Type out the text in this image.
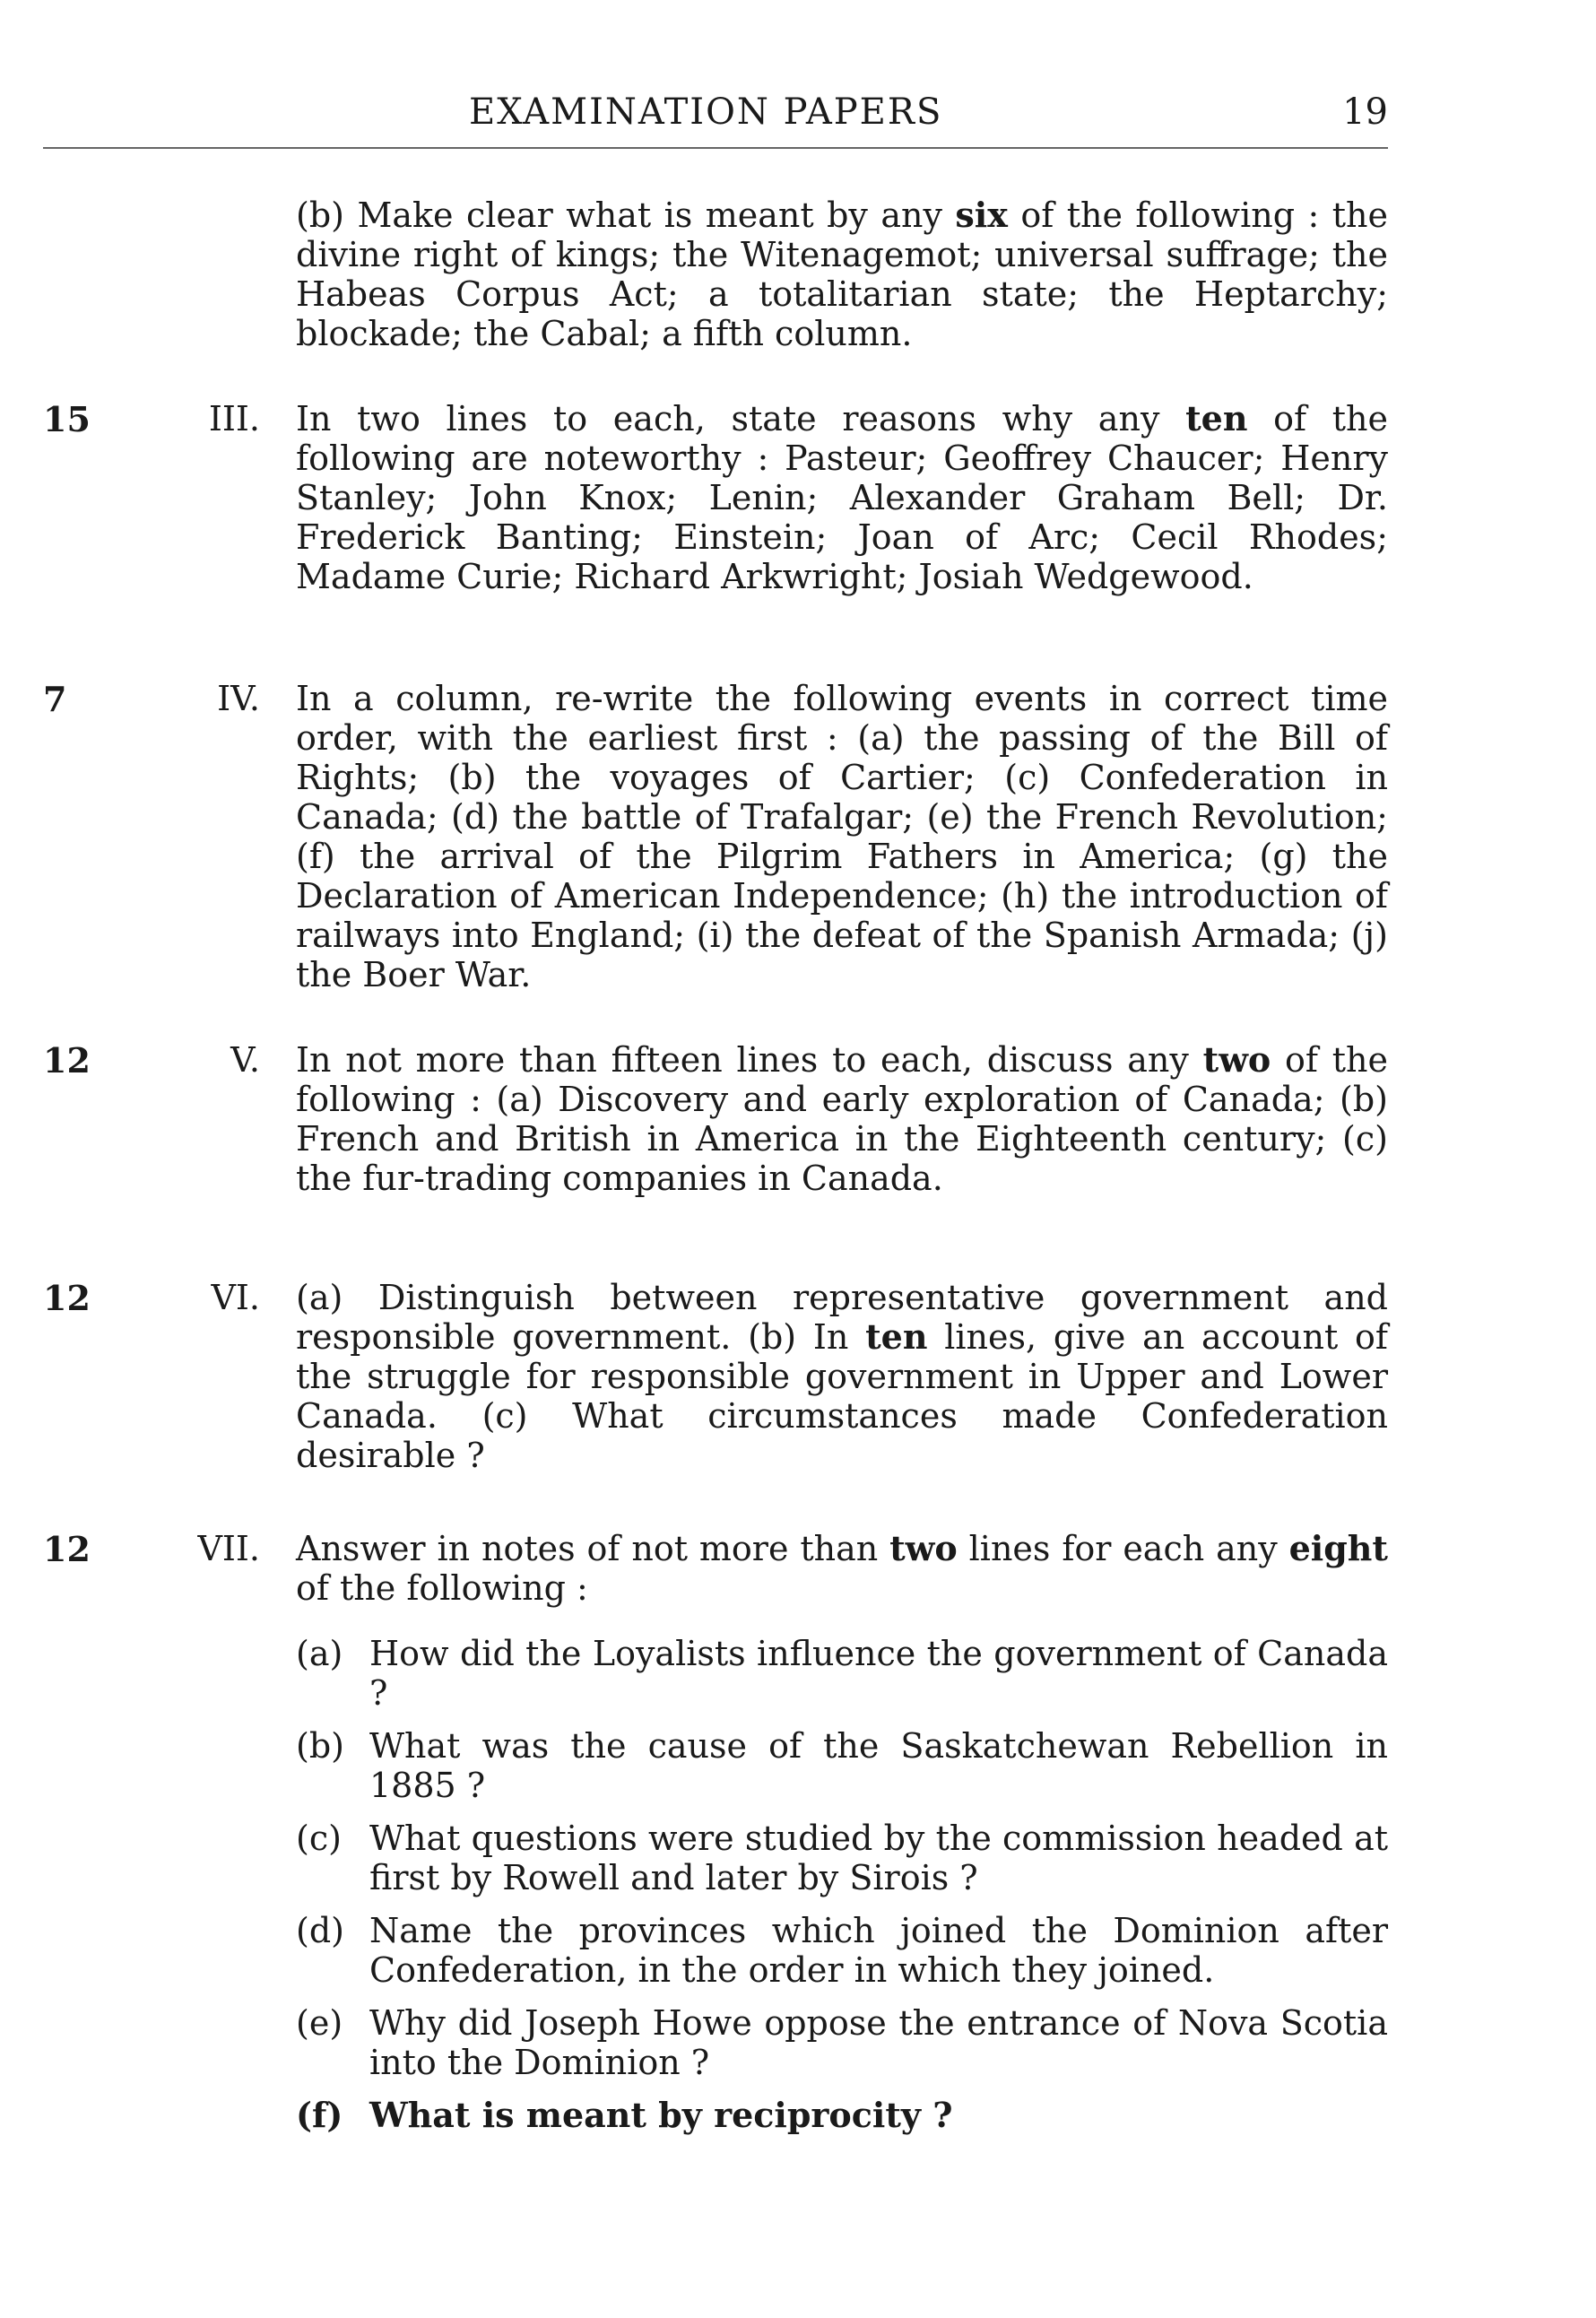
EXAMINATION PAPERS	19

(b) Make clear what is meant by any six of the following : the divine right of kings; the Witenagemot; universal suffrage; the Habeas Corpus Act; a totalitarian state; the Heptarchy; blockade; the Cabal; a fifth column.

15	III. In two lines to each, state reasons why any ten of the following are noteworthy : Pasteur; Geoffrey Chaucer; Henry Stanley; John Knox; Lenin; Alexander Graham Bell; Dr. Frederick Banting; Einstein; Joan of Arc; Cecil Rhodes; Madame Curie; Richard Arkwright; Josiah Wedgewood.

7	IV. In a column, re-write the following events in correct time order, with the earliest first : (a) the passing of the Bill of Rights; (b) the voyages of Cartier; (c) Confederation in Canada; (d) the battle of Trafalgar; (e) the French Revolution; (f) the arrival of the Pilgrim Fathers in America; (g) the Declaration of American Independence; (h) the introduction of railways into England; (i) the defeat of the Spanish Armada; (j) the Boer War.

12	V. In not more than fifteen lines to each, discuss any two of the following : (a) Discovery and early exploration of Canada; (b) French and British in America in the Eighteenth century; (c) the fur-trading companies in Canada.

12	VI. (a) Distinguish between representative government and responsible government. (b) In ten lines, give an account of the struggle for responsible government in Upper and Lower Canada. (c) What circumstances made Confederation desirable ?

12	VII. Answer in notes of not more than two lines for each any eight of the following :

(a) How did the Loyalists influence the government of Canada ?
(b) What was the cause of the Saskatchewan Rebellion in 1885 ?
(c) What questions were studied by the commission headed at first by Rowell and later by Sirois ?
(d) Name the provinces which joined the Dominion after Confederation, in the order in which they joined.
(e) Why did Joseph Howe oppose the entrance of Nova Scotia into the Dominion ?
(f) What is meant by reciprocity ?
